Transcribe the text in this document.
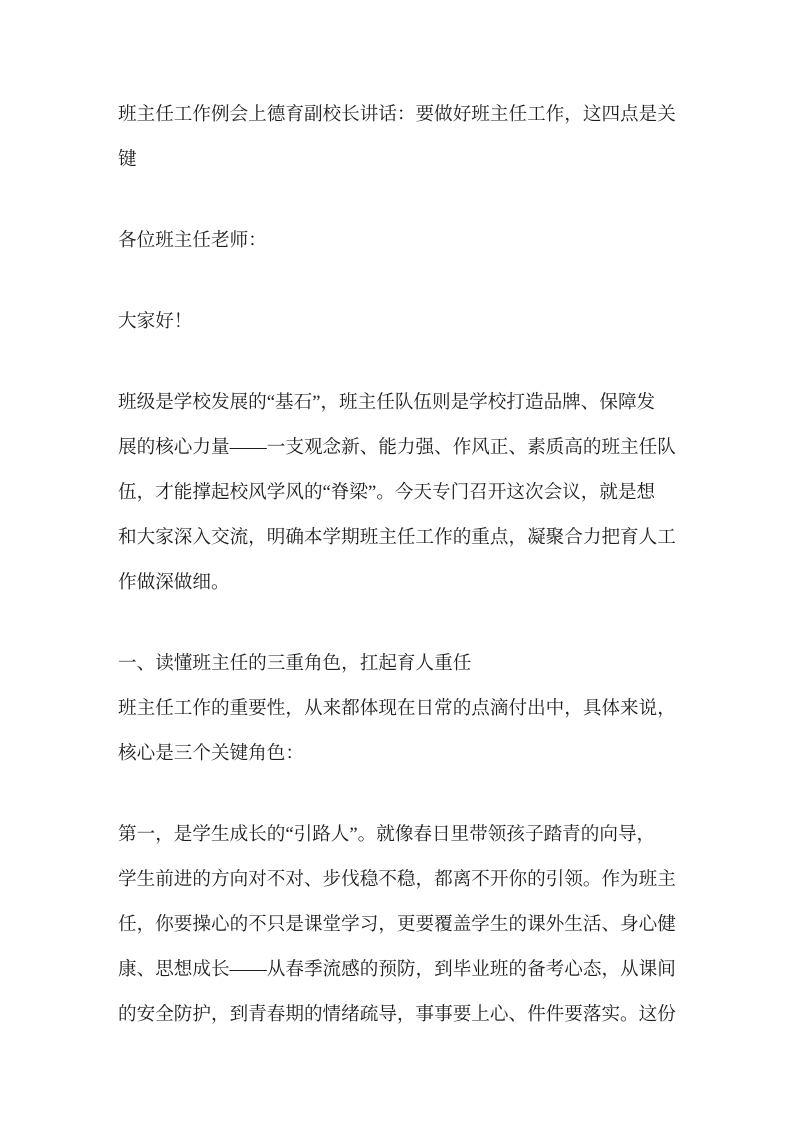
班主任工作例会上德育副校长讲话：要做好班主任工作，这四点是关
键
各位班主任老师：
大家好！
班级是学校发展的“基石”，班主任队伍则是学校打造品牌、保障发
展的核心力量——一支观念新、能力强、作风正、素质高的班主任队
伍，才能撑起校风学风的“脊梁”。今天专门召开这次会议，就是想
和大家深入交流，明确本学期班主任工作的重点，凝聚合力把育人工
作做深做细。
一、读懂班主任的三重角色，扛起育人重任
班主任工作的重要性，从来都体现在日常的点滴付出中，具体来说，
核心是三个关键角色：
第一，是学生成长的“引路人”。就像春日里带领孩子踏青的向导，
学生前进的方向对不对、步伐稳不稳，都离不开你的引领。作为班主
任，你要操心的不只是课堂学习，更要覆盖学生的课外生活、身心健
康、思想成长——从春季流感的预防，到毕业班的备考心态，从课间
的安全防护，到青春期的情绪疏导，事事要上心、件件要落实。这份
